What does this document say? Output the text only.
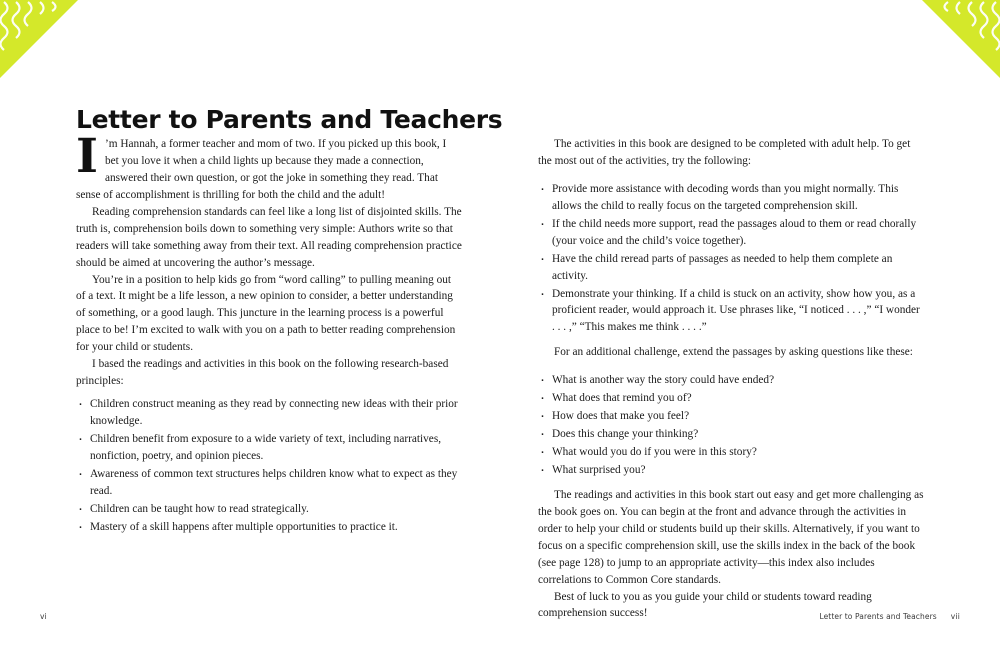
Letter to Parents and Teachers

I ’m Hannah, a former teacher and mom of two. If you picked up this book, I bet you love it when a child lights up because they made a connection, answered their own question, or got the joke in something they read. That sense of accomplishment is thrilling for both the child and the adult!

Reading comprehension standards can feel like a long list of disjointed skills. The truth is, comprehension boils down to something very simple: Authors write so that readers will take something away from their text. All reading comprehension practice should be aimed at uncovering the author’s message.

You’re in a position to help kids go from “word calling” to pulling meaning out of a text. It might be a life lesson, a new opinion to consider, a better understanding of something, or a good laugh. This juncture in the learning process is a powerful place to be! I’m excited to walk with you on a path to better reading comprehension for your child or students.

I based the readings and activities in this book on the following research-based principles:

· Children construct meaning as they read by connecting new ideas with their prior knowledge.
· Children benefit from exposure to a wide variety of text, including narratives, nonfiction, poetry, and opinion pieces.
· Awareness of common text structures helps children know what to expect as they read.
· Children can be taught how to read strategically.
· Mastery of a skill happens after multiple opportunities to practice it.

The activities in this book are designed to be completed with adult help. To get the most out of the activities, try the following:

· Provide more assistance with decoding words than you might normally. This allows the child to really focus on the targeted comprehension skill.
· If the child needs more support, read the passages aloud to them or read chorally (your voice and the child’s voice together).
· Have the child reread parts of passages as needed to help them complete an activity.
· Demonstrate your thinking. If a child is stuck on an activity, show how you, as a proficient reader, would approach it. Use phrases like, “I noticed . . . ,” “I wonder . . . ,” “This makes me think . . . .”

For an additional challenge, extend the passages by asking questions like these:

· What is another way the story could have ended?
· What does that remind you of?
· How does that make you feel?
· Does this change your thinking?
· What would you do if you were in this story?
· What surprised you?

The readings and activities in this book start out easy and get more challenging as the book goes on. You can begin at the front and advance through the activities in order to help your child or students build up their skills. Alternatively, if you want to focus on a specific comprehension skill, use the skills index in the back of the book (see page 128) to jump to an appropriate activity—this index also includes correlations to Common Core standards.

Best of luck to you as you guide your child or students toward reading comprehension success!

vi	Letter to Parents and Teachers vii
